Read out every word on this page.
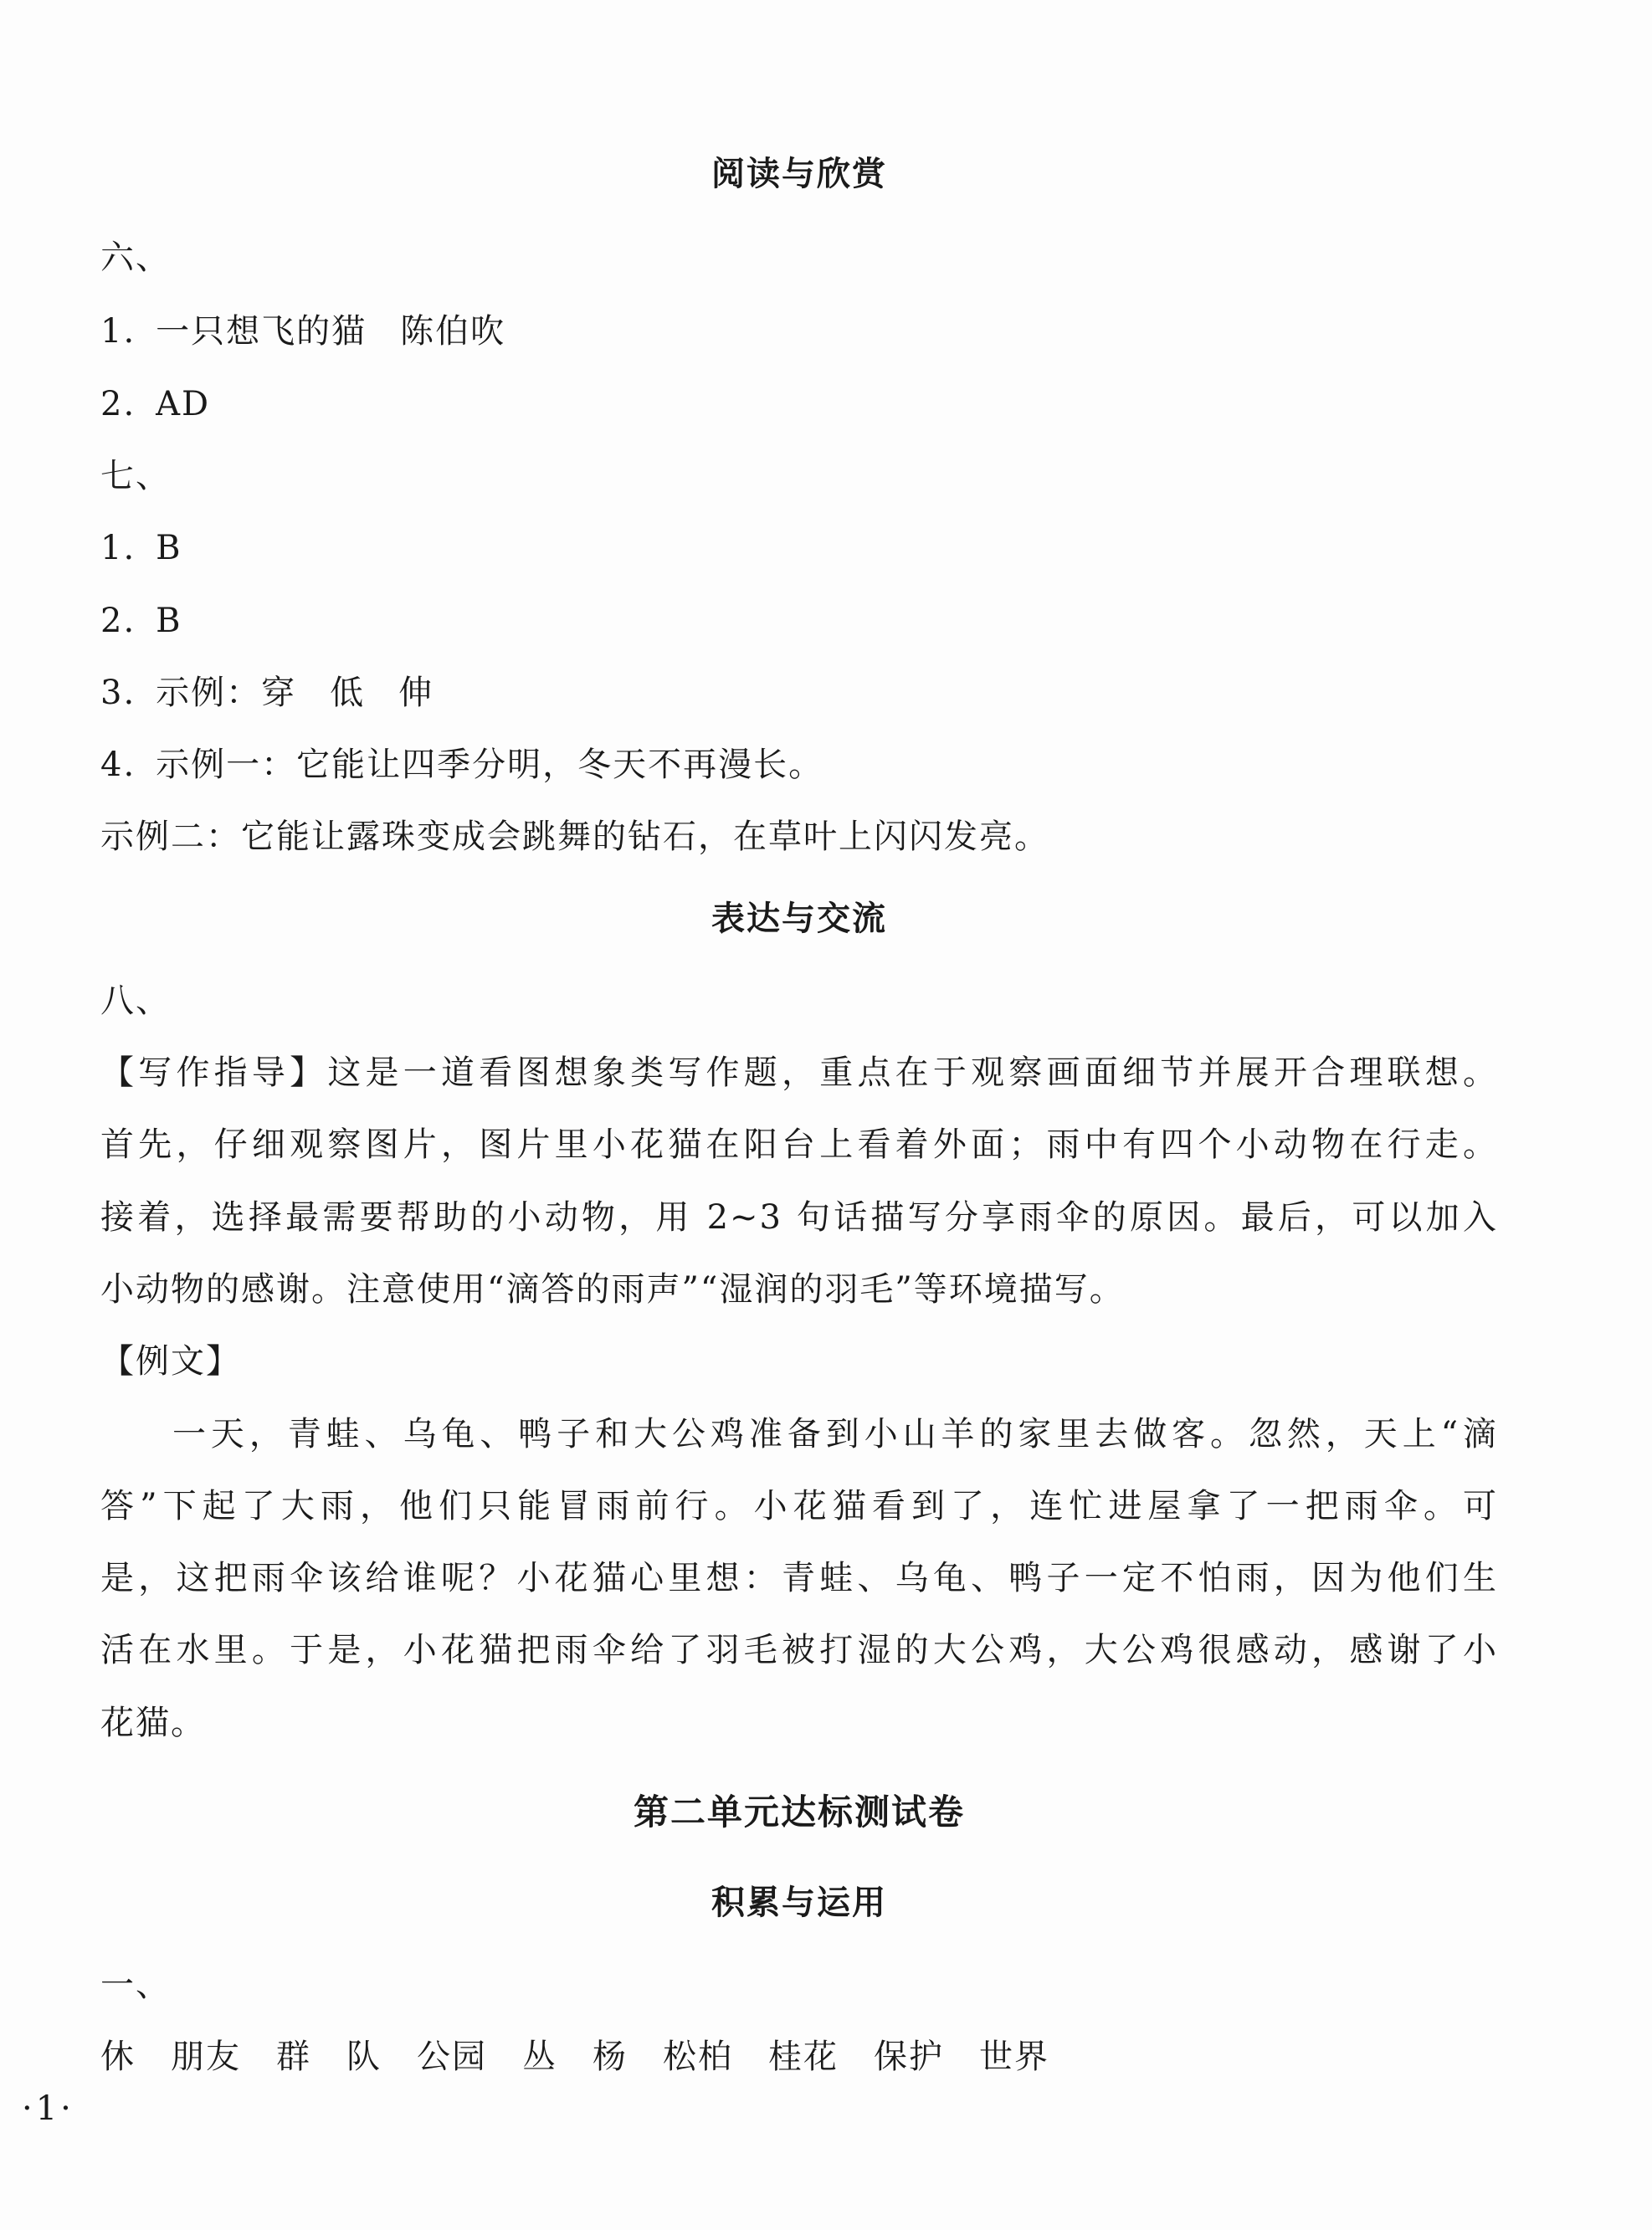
阅读与欣赏
六、
1. 一只想飞的猫 陈伯吹
2. AD
七、
1. B
2. B
3. 示例：穿 低 伸
4. 示例一：它能让四季分明，冬天不再漫长。
示例二：它能让露珠变成会跳舞的钻石，在草叶上闪闪发亮。
表达与交流
八、
【写作指导】这是一道看图想象类写作题，重点在于观察画面细节并展开合理联想。
首先，仔细观察图片，图片里小花猫在阳台上看着外面；雨中有四个小动物在行走。
接着，选择最需要帮助的小动物，用 2~3 句话描写分享雨伞的原因。最后，可以加入
小动物的感谢。注意使用“滴答的雨声”“湿润的羽毛”等环境描写。
【例文】
一天，青蛙、乌龟、鸭子和大公鸡准备到小山羊的家里去做客。忽然，天上“滴
答”下起了大雨，他们只能冒雨前行。小花猫看到了，连忙进屋拿了一把雨伞。可
是，这把雨伞该给谁呢？小花猫心里想：青蛙、乌龟、鸭子一定不怕雨，因为他们生
活在水里。于是，小花猫把雨伞给了羽毛被打湿的大公鸡，大公鸡很感动，感谢了小
花猫。
第二单元达标测试卷
积累与运用
一、
休 朋友 群 队 公园 丛 杨 松柏 桂花 保护 世界
·1·
